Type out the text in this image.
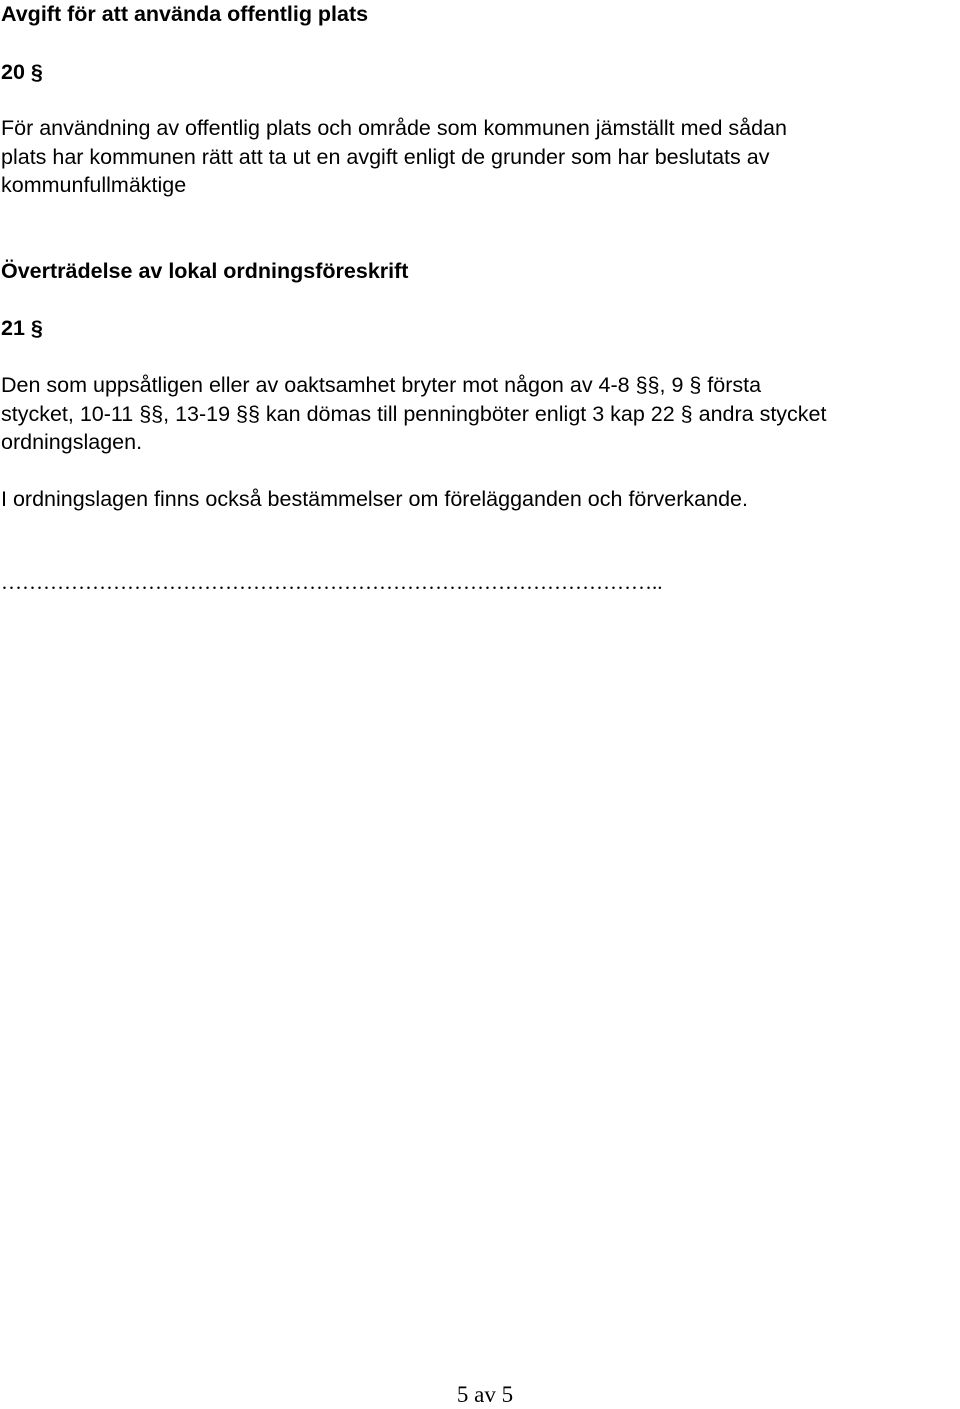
Avgift för att använda offentlig plats

20 §

För användning av offentlig plats och område som kommunen jämställt med sådan
plats har kommunen rätt att ta ut en avgift enligt de grunder som har beslutats av
kommunfullmäktige

Överträdelse av lokal ordningsföreskrift

21 §

Den som uppsåtligen eller av oaktsamhet bryter mot någon av 4-8 §§, 9 § första
stycket, 10-11 §§, 13-19 §§ kan dömas till penningböter enligt 3 kap 22 § andra stycket
ordningslagen.

I ordningslagen finns också bestämmelser om förelägganden och förverkande.

…………………………………………………………………………………..

5 av 5
